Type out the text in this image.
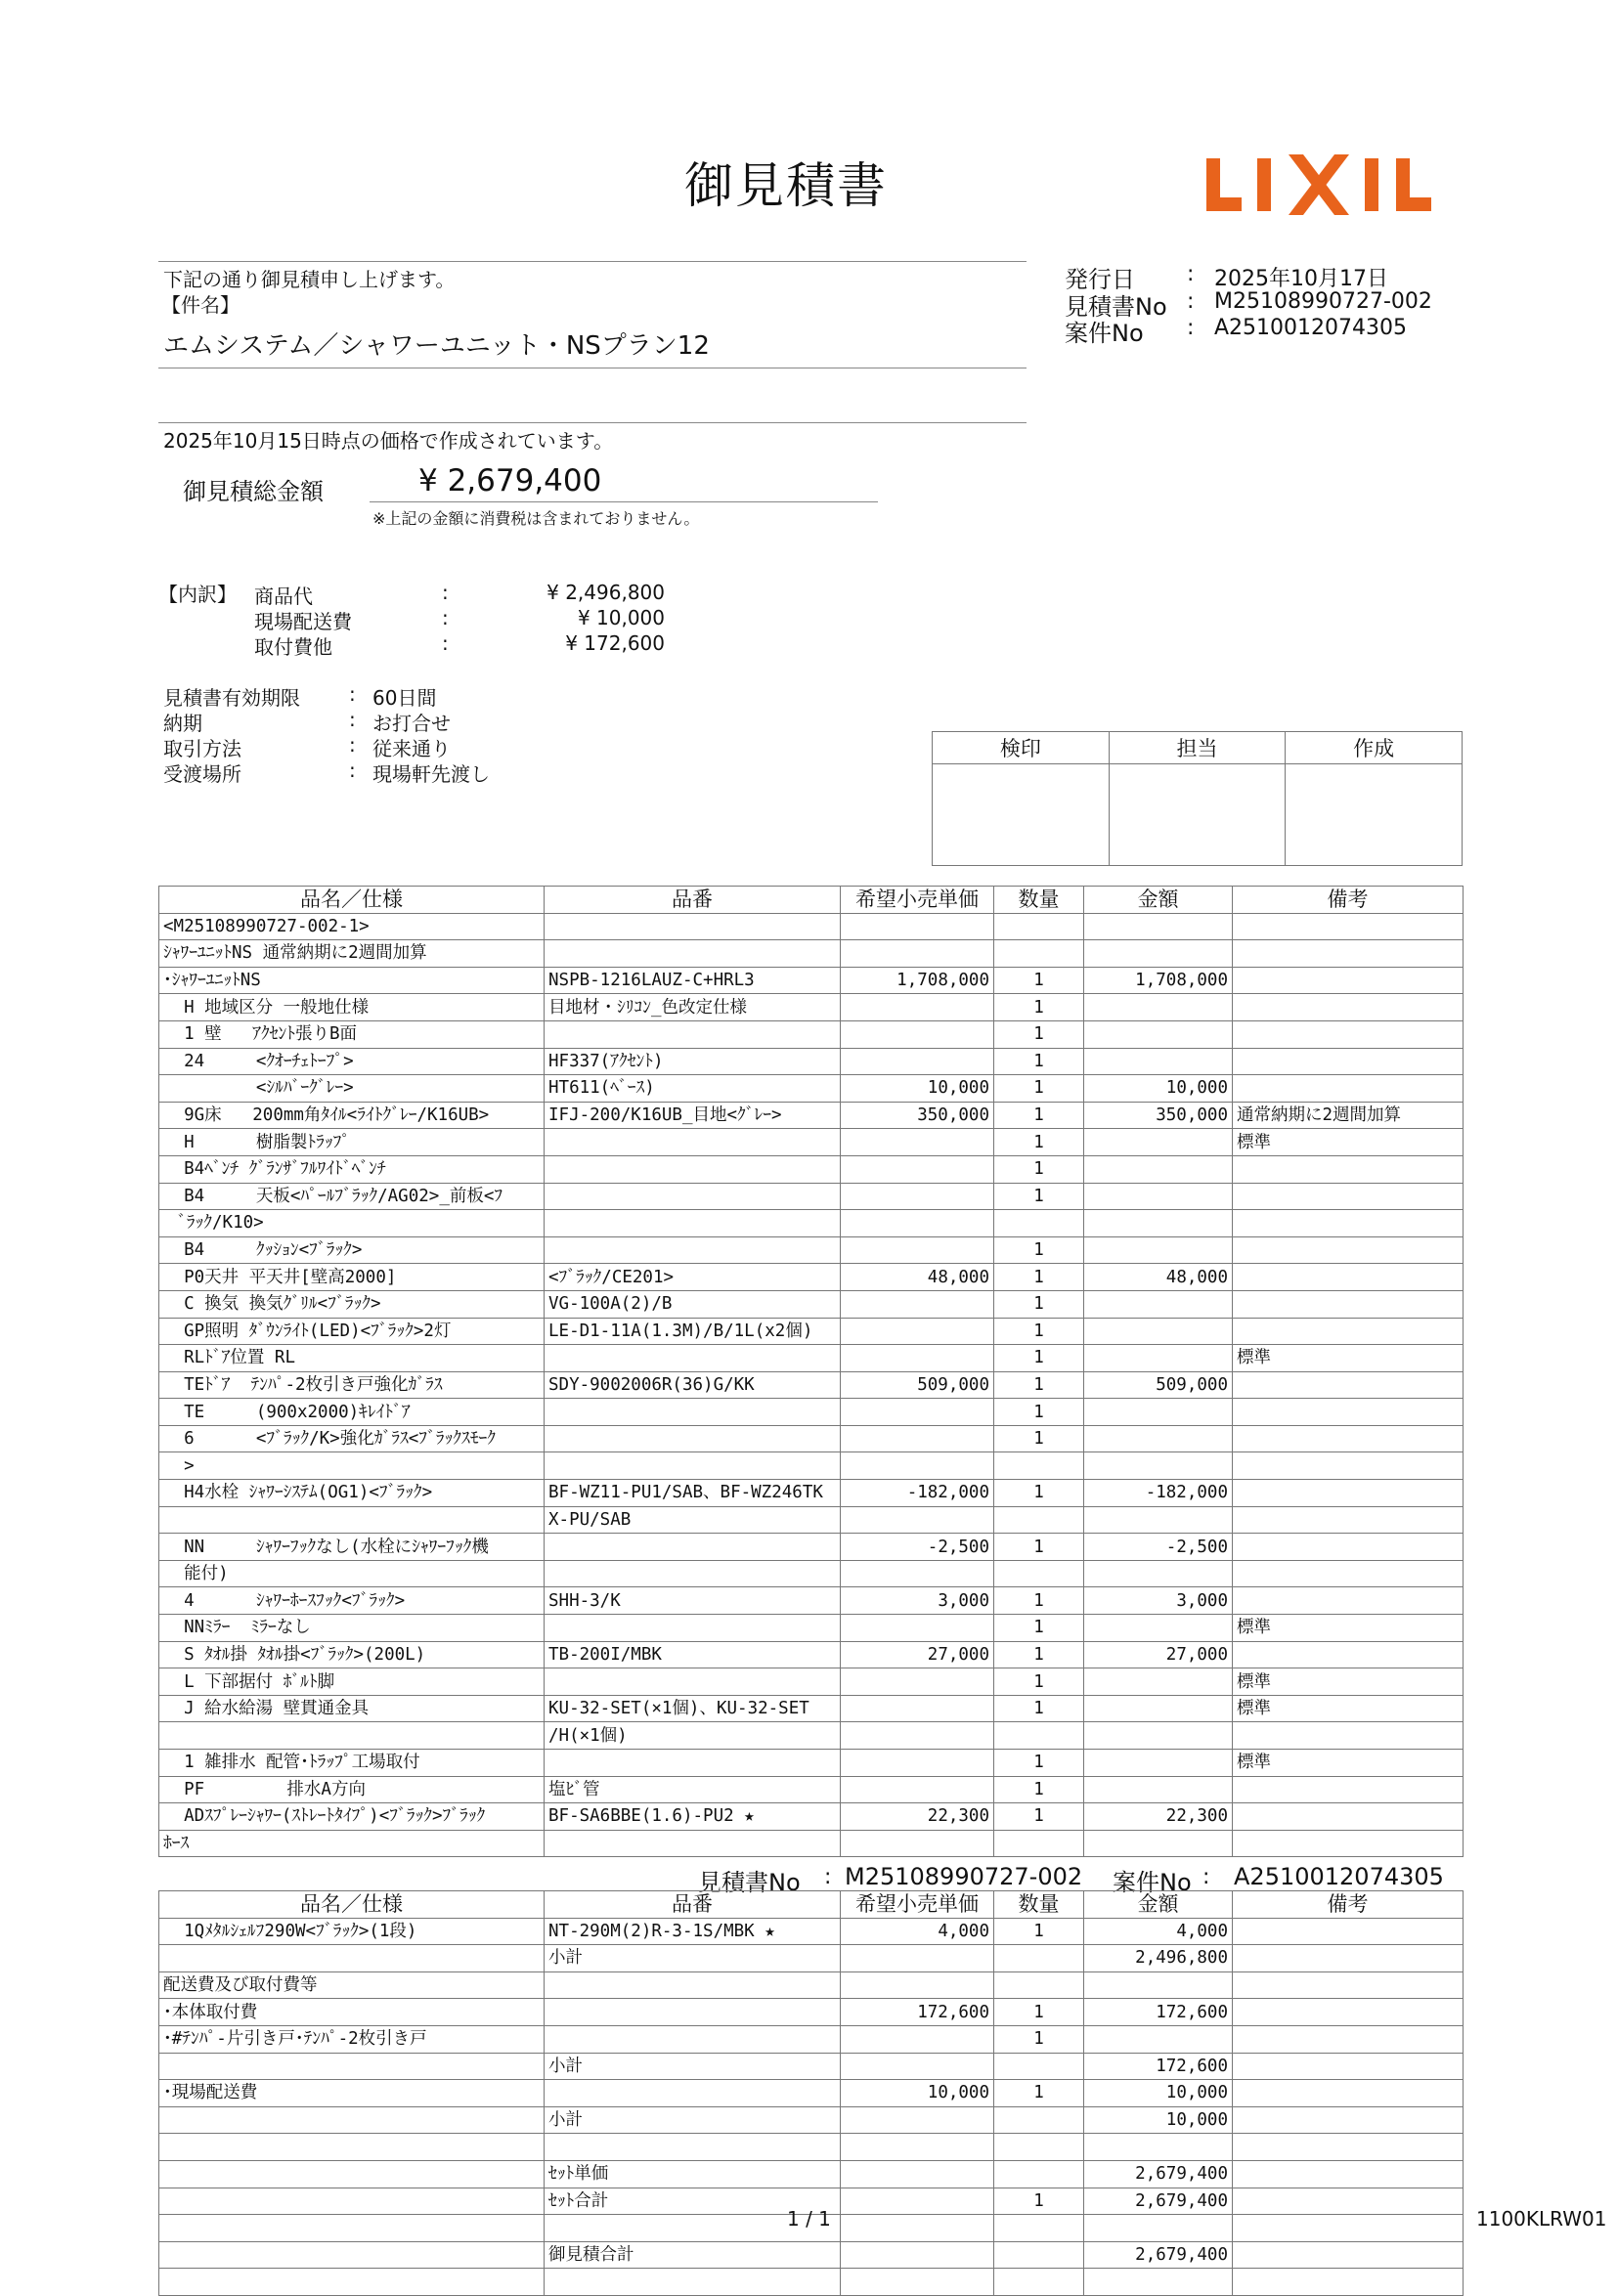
御見積書
下記の通り御見積申し上げます。
【件名】
エムシステム／シャワーユニット・NSプラン12
2025年10月15日時点の価格で作成されています。
御見積総金額	¥ 2,679,400
※上記の金額に消費税は含まれておりません。
発行日 : 2025年10月17日
見積書No : M25108990727-002
案件No : A2510012074305
【内訳】 商品代	:	¥ 2,496,800
現場配送費	:	¥ 10,000
取付費他	:	¥ 172,600
見積書有効期限	: 60日間
納期	: お打合せ
取引方法	: 従来通り
受渡場所	: 現場軒先渡し
検印	担当	作成

品名／仕様	品番	希望小売単価	数量	金額	備考
<M25108990727-002-1>					
ｼｬﾜｰﾕﾆｯﾄNS 通常納期に2週間加算					
･ｼｬﾜｰﾕﾆｯﾄNS	NSPB-1216LAUZ-C+HRL3	1,708,000	1	1,708,000	
H 地域区分 一般地仕様	目地材・ｼﾘｺﾝ_色改定仕様		1		
1 壁   ｱｸｾﾝﾄ張りB面			1		
24     <ｸｵｰﾁｪﾄｰﾌﾟ>	HF337(ｱｸｾﾝﾄ)		1		
<ｼﾙﾊﾞｰｸﾞﾚｰ>	HT611(ﾍﾞｰｽ)	10,000	1	10,000	
9G床   200mm角ﾀｲﾙ<ﾗｲﾄｸﾞﾚｰ/K16UB>	IFJ-200/K16UB_目地<ｸﾞﾚｰ>	350,000	1	350,000	通常納期に2週間加算
H      樹脂製ﾄﾗｯﾌﾟ			1		標準
B4ﾍﾞﾝﾁ ｸﾞﾗﾝｻﾞﾌﾙﾜｲﾄﾞﾍﾞﾝﾁ			1		
B4     天板<ﾊﾟｰﾙﾌﾞﾗｯｸ/AG02>_前板<ﾌ			1		
ﾞﾗｯｸ/K10>					
B4     ｸｯｼｮﾝ<ﾌﾞﾗｯｸ>			1		
P0天井 平天井[壁高2000]	<ﾌﾞﾗｯｸ/CE201>	48,000	1	48,000	
C 換気 換気ｸﾞﾘﾙ<ﾌﾞﾗｯｸ>	VG-100A(2)/B		1		
GP照明 ﾀﾞｳﾝﾗｲﾄ(LED)<ﾌﾞﾗｯｸ>2灯	LE-D1-11A(1.3M)/B/1L(x2個)		1		
RLﾄﾞｱ位置 RL			1		標準
TEﾄﾞｱ  ﾃﾝﾊﾟ-2枚引き戸強化ｶﾞﾗｽ	SDY-9002006R(36)G/KK	509,000	1	509,000	
TE     (900x2000)ｷﾚｲﾄﾞｱ			1		
6      <ﾌﾞﾗｯｸ/K>強化ｶﾞﾗｽ<ﾌﾞﾗｯｸｽﾓｰｸ			1		
>					
H4水栓 ｼｬﾜｰｼｽﾃﾑ(OG1)<ﾌﾞﾗｯｸ>	BF-WZ11-PU1/SAB、BF-WZ246TK	-182,000	1	-182,000	
	X-PU/SAB				
NN     ｼｬﾜｰﾌｯｸなし(水栓にｼｬﾜｰﾌｯｸ機		-2,500	1	-2,500	
能付)					
4      ｼｬﾜｰﾎｰｽﾌｯｸ<ﾌﾞﾗｯｸ>	SHH-3/K	3,000	1	3,000	
NNﾐﾗｰ  ﾐﾗｰなし			1		標準
S ﾀｵﾙ掛 ﾀｵﾙ掛<ﾌﾞﾗｯｸ>(200L)	TB-200I/MBK	27,000	1	27,000	
L 下部据付 ﾎﾞﾙﾄ脚			1		標準
J 給水給湯 壁貫通金具	KU-32-SET(×1個)、KU-32-SET		1		標準
	/H(×1個)				
1 雑排水 配管･ﾄﾗｯﾌﾟ工場取付			1		標準
PF        排水A方向	塩ﾋﾞ管		1		
ADｽﾌﾟﾚｰｼｬﾜｰ(ｽﾄﾚｰﾄﾀｲﾌﾟ)<ﾌﾞﾗｯｸ>ﾌﾞﾗｯｸ	BF-SA6BBE(1.6)-PU2 ★	22,300	1	22,300	
ﾎｰｽ					
見積書No : M25108990727-002 案件No : A2510012074305
品名／仕様	品番	希望小売単価	数量	金額	備考
1Qﾒﾀﾙｼｪﾙﾌ290W<ﾌﾞﾗｯｸ>(1段)	NT-290M(2)R-3-1S/MBK ★	4,000	1	4,000	
	小計			2,496,800	
配送費及び取付費等					
･本体取付費		172,600	1	172,600	
･#ﾃﾝﾊﾟ-片引き戸･ﾃﾝﾊﾟ-2枚引き戸			1		
	小計			172,600	
･現場配送費		10,000	1	10,000	
	小計			10,000	

	ｾｯﾄ単価			2,679,400	
	ｾｯﾄ合計		1	2,679,400	

	御見積合計			2,679,400	

1 / 1	1100KLRW01
